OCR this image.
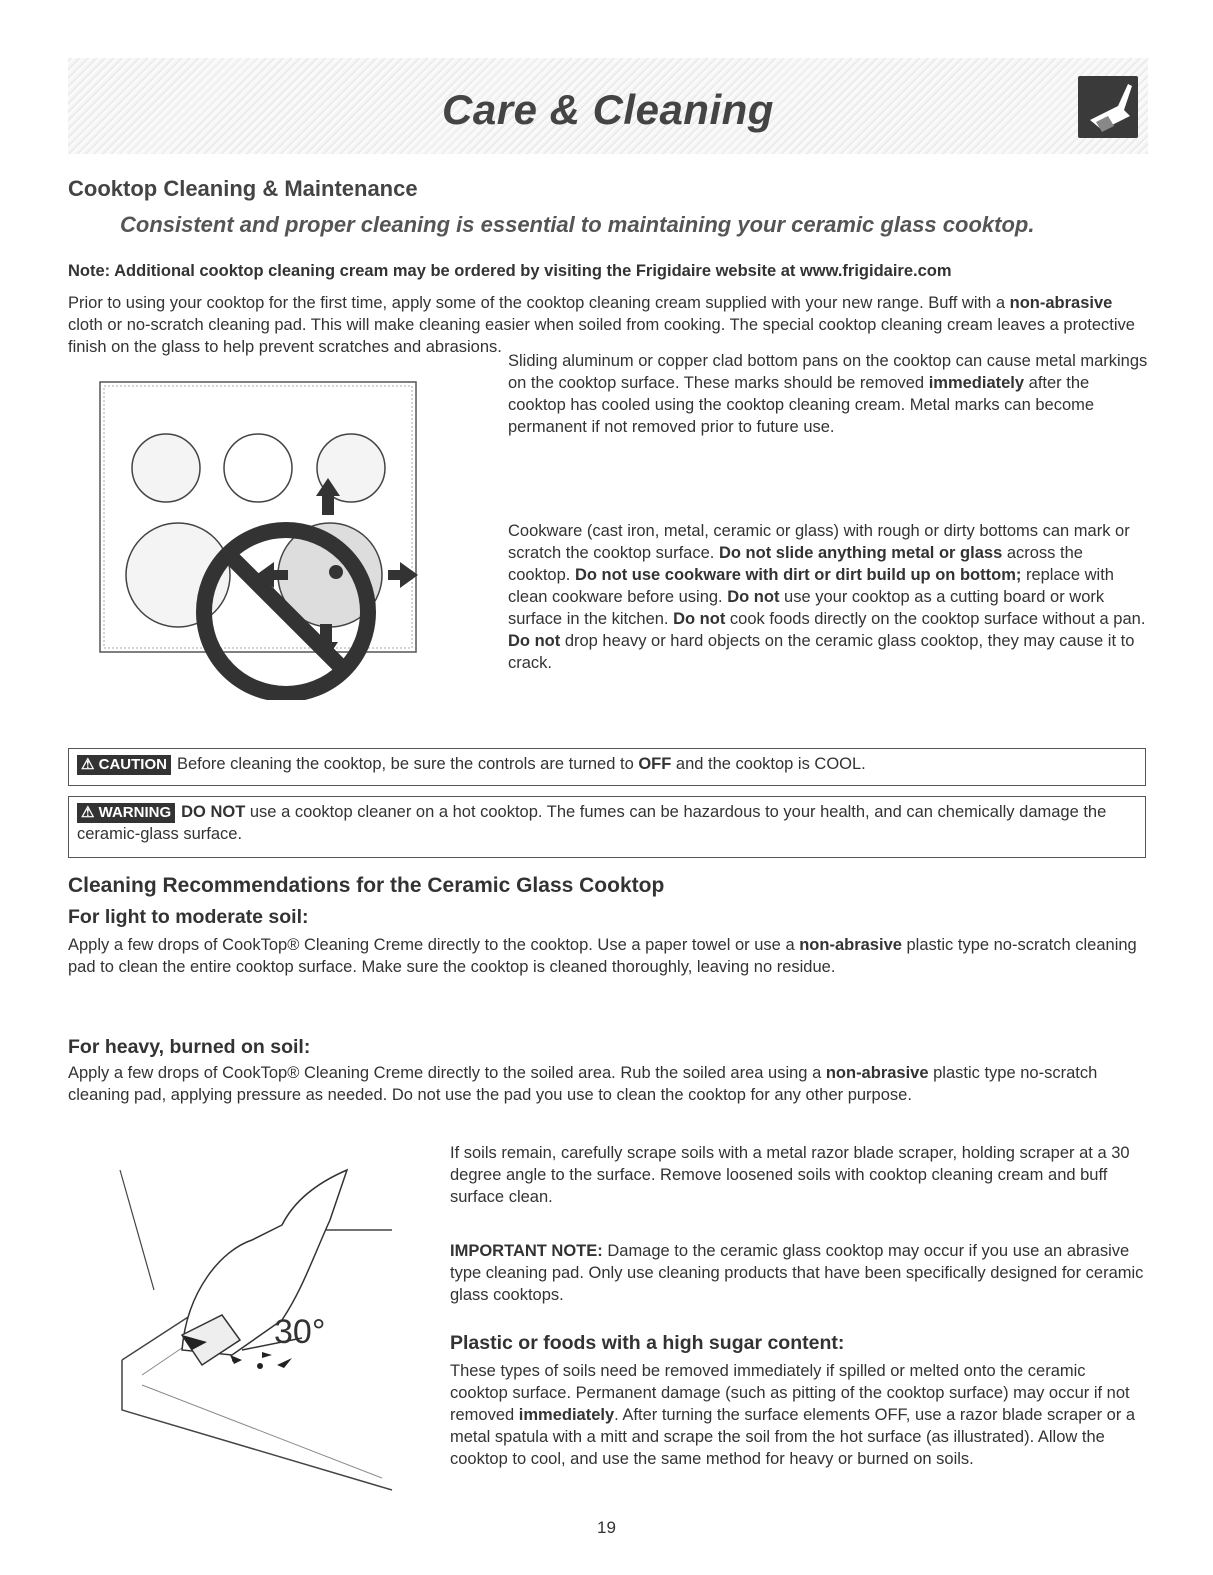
Care & Cleaning
Cooktop Cleaning & Maintenance
Consistent and proper cleaning is essential to maintaining your ceramic glass cooktop.
Note: Additional cooktop cleaning cream may be ordered by visiting the Frigidaire website at www.frigidaire.com

Prior to using your cooktop for the first time, apply some of the cooktop cleaning cream supplied with your new range. Buff with a non-abrasive cloth or no-scratch cleaning pad. This will make cleaning easier when soiled from cooking. The special cooktop cleaning cream leaves a protective finish on the glass to help prevent scratches and abrasions.

Sliding aluminum or copper clad bottom pans on the cooktop can cause metal markings on the cooktop surface. These marks should be removed immediately after the cooktop has cooled using the cooktop cleaning cream. Metal marks can become permanent if not removed prior to future use.

Cookware (cast iron, metal, ceramic or glass) with rough or dirty bottoms can mark or scratch the cooktop surface. Do not slide anything metal or glass across the cooktop. Do not use cookware with dirt or dirt build up on bottom; replace with clean cookware before using. Do not use your cooktop as a cutting board or work surface in the kitchen. Do not cook foods directly on the cooktop surface without a pan. Do not drop heavy or hard objects on the ceramic glass cooktop, they may cause it to crack.

⚠ CAUTION Before cleaning the cooktop, be sure the controls are turned to OFF and the cooktop is COOL.
⚠ WARNING DO NOT use a cooktop cleaner on a hot cooktop. The fumes can be hazardous to your health, and can chemically damage the ceramic-glass surface.
Cleaning Recommendations for the Ceramic Glass Cooktop
For light to moderate soil:

Apply a few drops of CookTop® Cleaning Creme directly to the cooktop. Use a paper towel or use a non-abrasive plastic type no-scratch cleaning pad to clean the entire cooktop surface. Make sure the cooktop is cleaned thoroughly, leaving no residue.

For heavy, burned on soil:

Apply a few drops of CookTop® Cleaning Creme directly to the soiled area. Rub the soiled area using a non-abrasive plastic type no-scratch cleaning pad, applying pressure as needed. Do not use the pad you use to clean the cooktop for any other purpose.

30°

If soils remain, carefully scrape soils with a metal razor blade scraper, holding scraper at a 30 degree angle to the surface. Remove loosened soils with cooktop cleaning cream and buff surface clean.

IMPORTANT NOTE: Damage to the ceramic glass cooktop may occur if you use an abrasive type cleaning pad. Only use cleaning products that have been specifically designed for ceramic glass cooktops.

Plastic or foods with a high sugar content:

These types of soils need be removed immediately if spilled or melted onto the ceramic cooktop surface. Permanent damage (such as pitting of the cooktop surface) may occur if not removed immediately. After turning the surface elements OFF, use a razor blade scraper or a metal spatula with a mitt and scrape the soil from the hot surface (as illustrated). Allow the cooktop to cool, and use the same method for heavy or burned on soils.

19
